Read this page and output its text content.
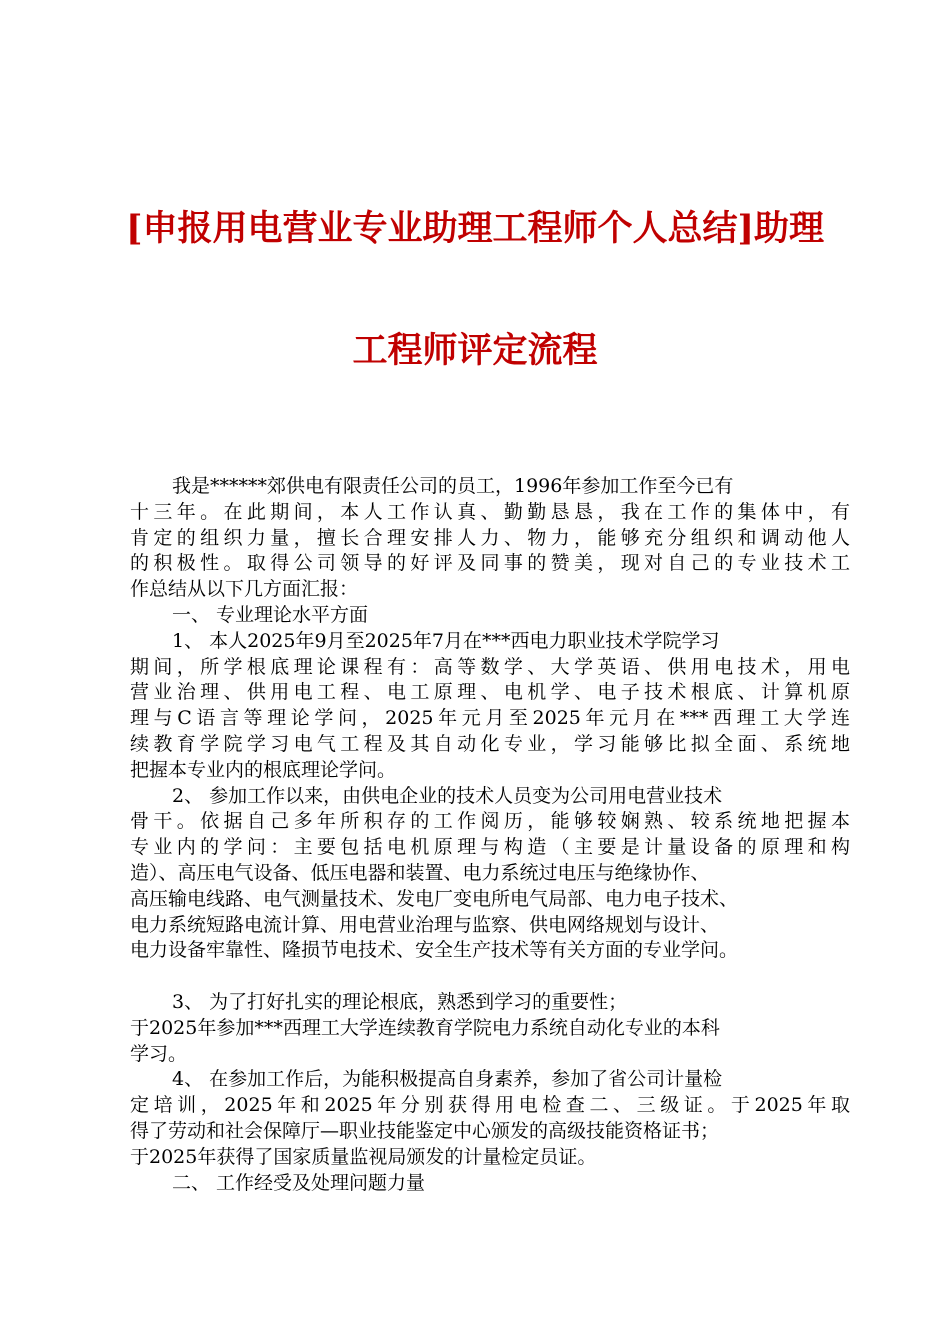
[申报用电营业专业助理工程师个人总结]助理
工程师评定流程
我是******郊供电有限责任公司的员工，1996年参加工作至今已有
十三年。在此期间，本人工作认真、勤勤恳恳，我在工作的集体中，有
肯定的组织力量，擅长合理安排人力、物力，能够充分组织和调动他人
的积极性。取得公司领导的好评及同事的赞美，现对自己的专业技术工
作总结从以下几方面汇报：
一、 专业理论水平方面
1、 本人2025年9月至2025年7月在***西电力职业技术学院学习
期间，所学根底理论课程有：高等数学、大学英语、供用电技术，用电
营业治理、供用电工程、电工原理、电机学、电子技术根底、计算机原
理与C语言等理论学问，2025年元月至2025年元月在***西理工大学连
续教育学院学习电气工程及其自动化专业，学习能够比拟全面、系统地
把握本专业内的根底理论学问。
2、 参加工作以来，由供电企业的技术人员变为公司用电营业技术
骨干。依据自己多年所积存的工作阅历，能够较娴熟、较系统地把握本
专业内的学问：主要包括电机原理与构造（主要是计量设备的原理和构
造）、高压电气设备、低压电器和装置、电力系统过电压与绝缘协作、
高压输电线路、电气测量技术、发电厂变电所电气局部、电力电子技术、
电力系统短路电流计算、用电营业治理与监察、供电网络规划与设计、
电力设备牢靠性、隆损节电技术、安全生产技术等有关方面的专业学问。
3、 为了打好扎实的理论根底，熟悉到学习的重要性；
于2025年参加***西理工大学连续教育学院电力系统自动化专业的本科
学习。
4、 在参加工作后，为能积极提高自身素养，参加了省公司计量检
定培训，2025年和2025年分别获得用电检查二、三级证。于2025年取
得了劳动和社会保障厅—职业技能鉴定中心颁发的高级技能资格证书；
于2025年获得了国家质量监视局颁发的计量检定员证。
二、 工作经受及处理问题力量
